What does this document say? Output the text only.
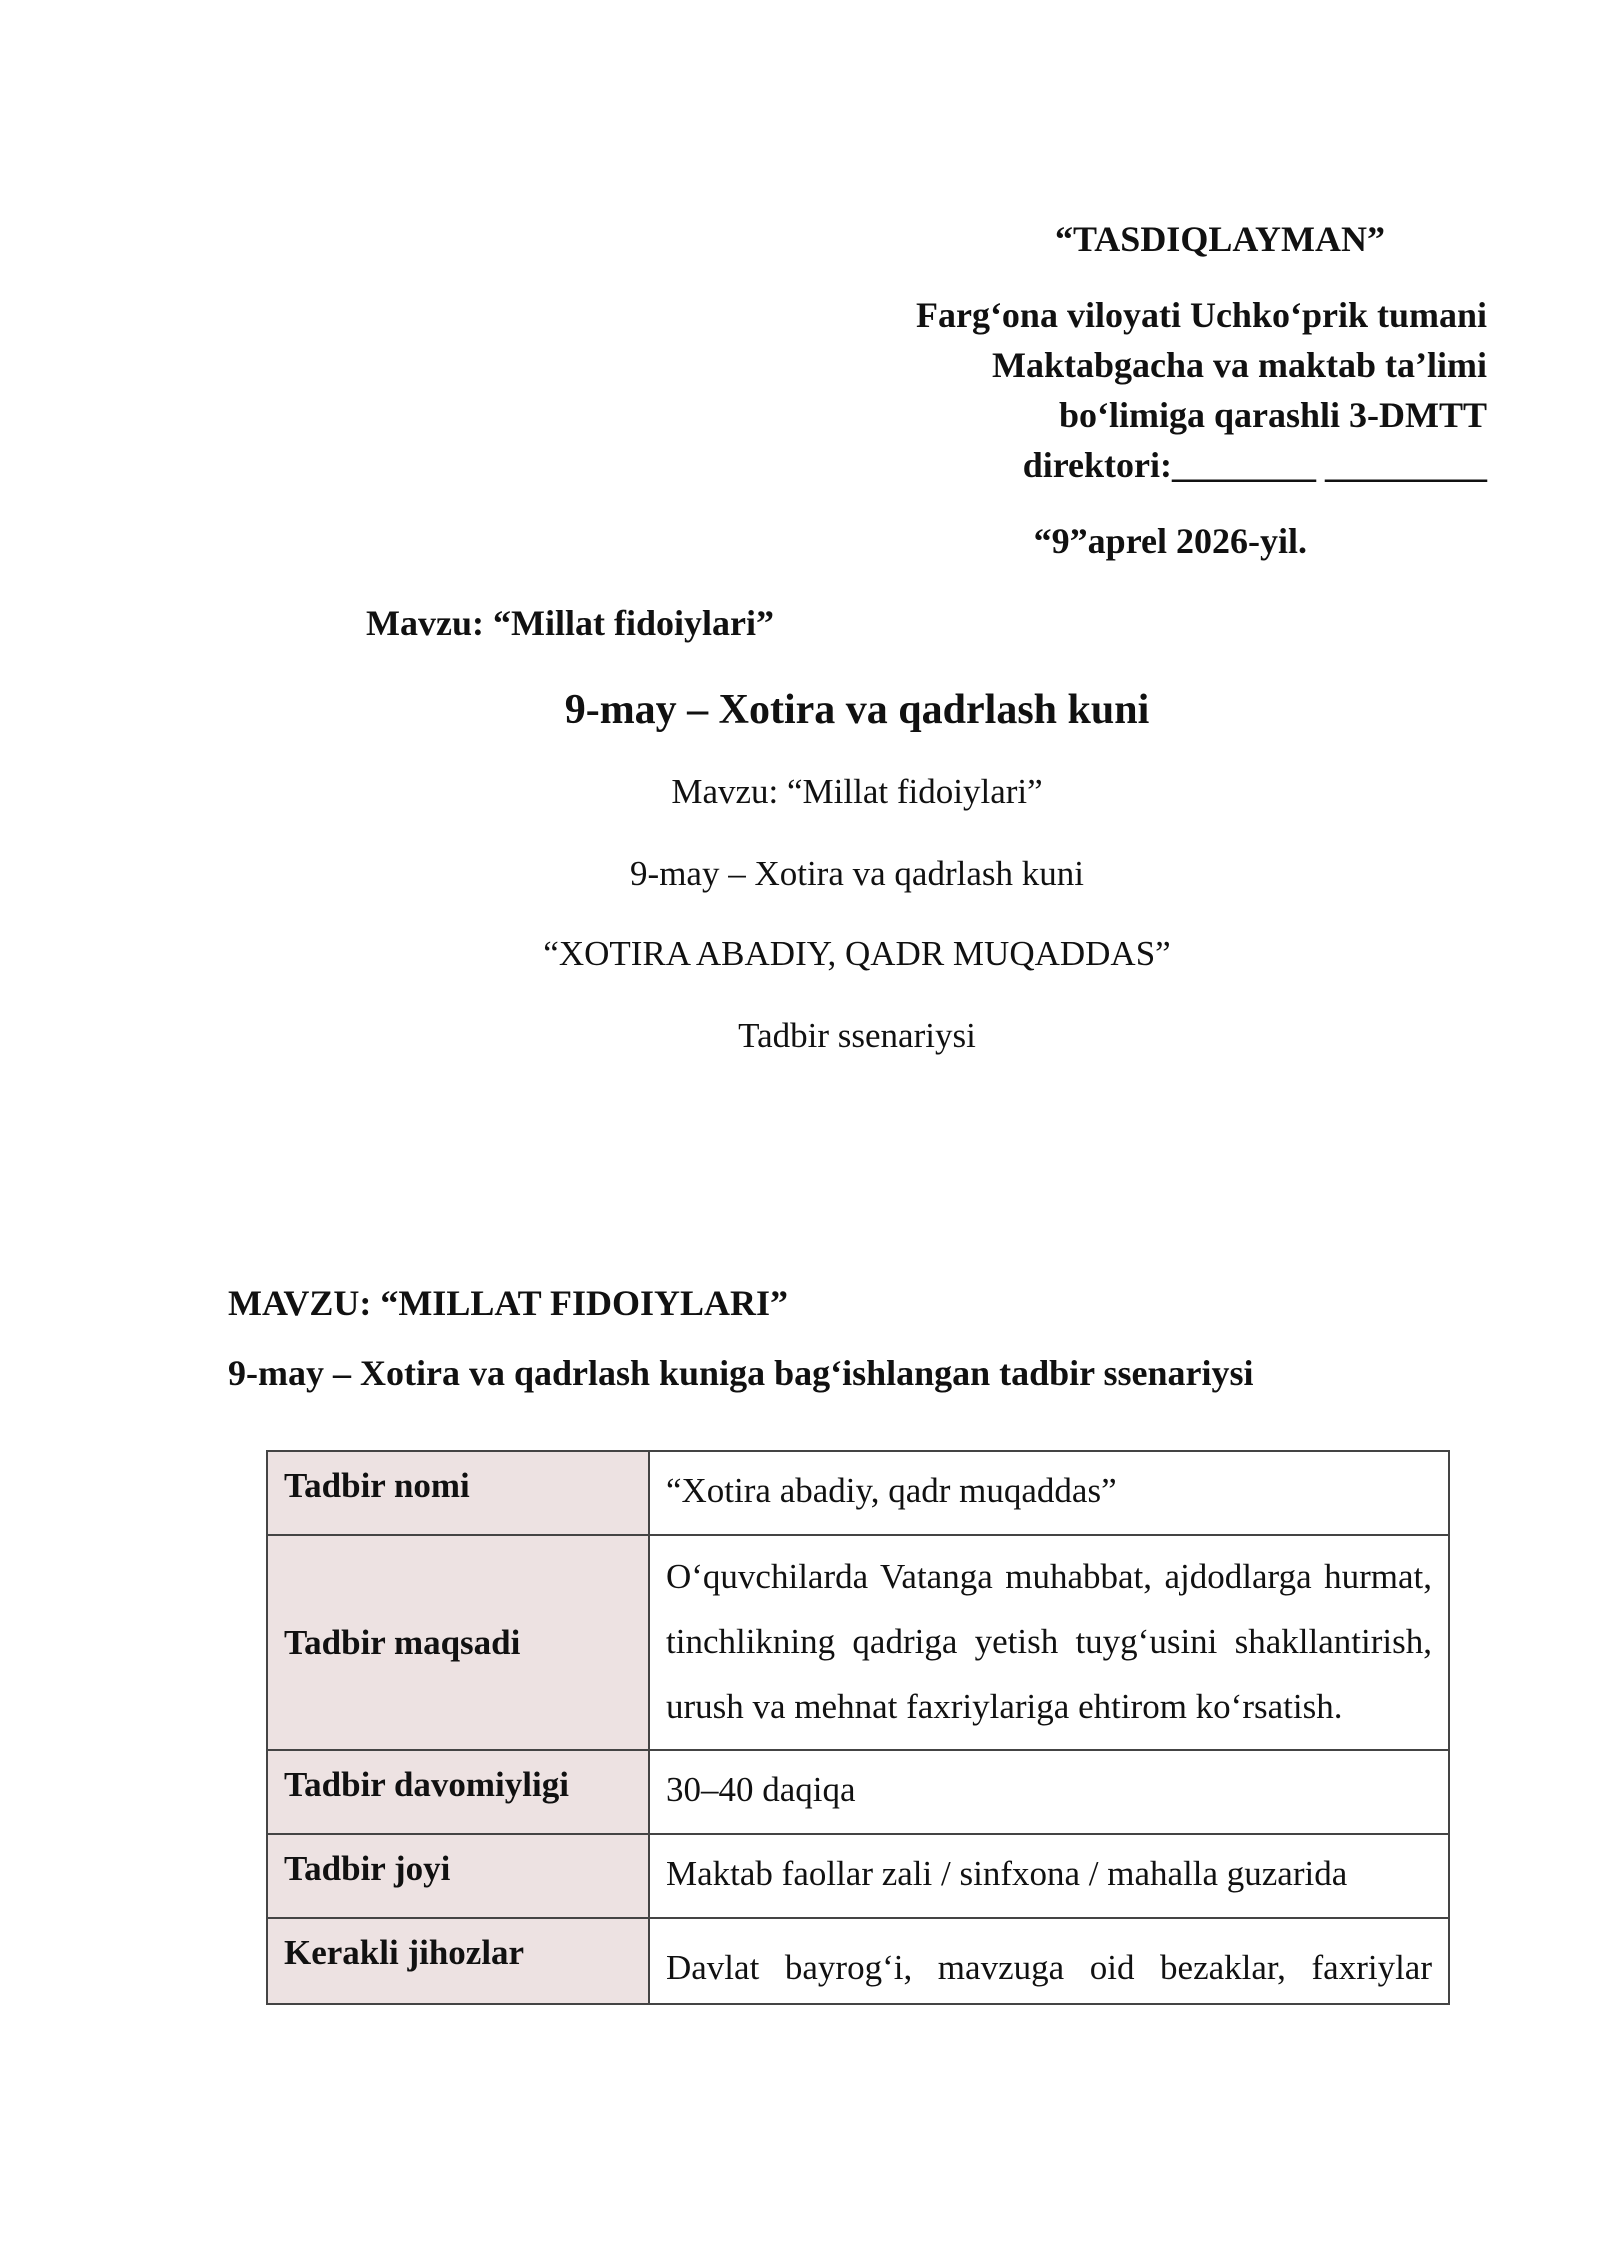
“TASDIQLAYMAN”
Farg‘ona viloyati Uchko‘prik tumani
Maktabgacha va maktab ta’limi
bo‘limiga qarashli 3-DMTT
direktori:________ _________
“9”aprel 2026-yil.
Mavzu: “Millat fidoiylari”
9-may – Xotira va qadrlash kuni
Mavzu: “Millat fidoiylari”
9-may – Xotira va qadrlash kuni
“XOTIRA ABADIY, QADR MUQADDAS”
Tadbir ssenariysi
MAVZU: “MILLAT FIDOIYLARI”
9-may – Xotira va qadrlash kuniga bag‘ishlangan tadbir ssenariysi
Tadbir nomi	“Xotira abadiy, qadr muqaddas”
Tadbir maqsadi	O‘quvchilarda Vatanga muhabbat, ajdodlarga hurmat, tinchlikning qadriga yetish tuyg‘usini shakllantirish, urush va mehnat faxriylariga ehtirom ko‘rsatish.
Tadbir davomiyligi	30–40 daqiqa
Tadbir joyi	Maktab faollar zali / sinfxona / mahalla guzarida
Kerakli jihozlar	Davlat bayrog‘i, mavzuga oid bezaklar, faxriylar
